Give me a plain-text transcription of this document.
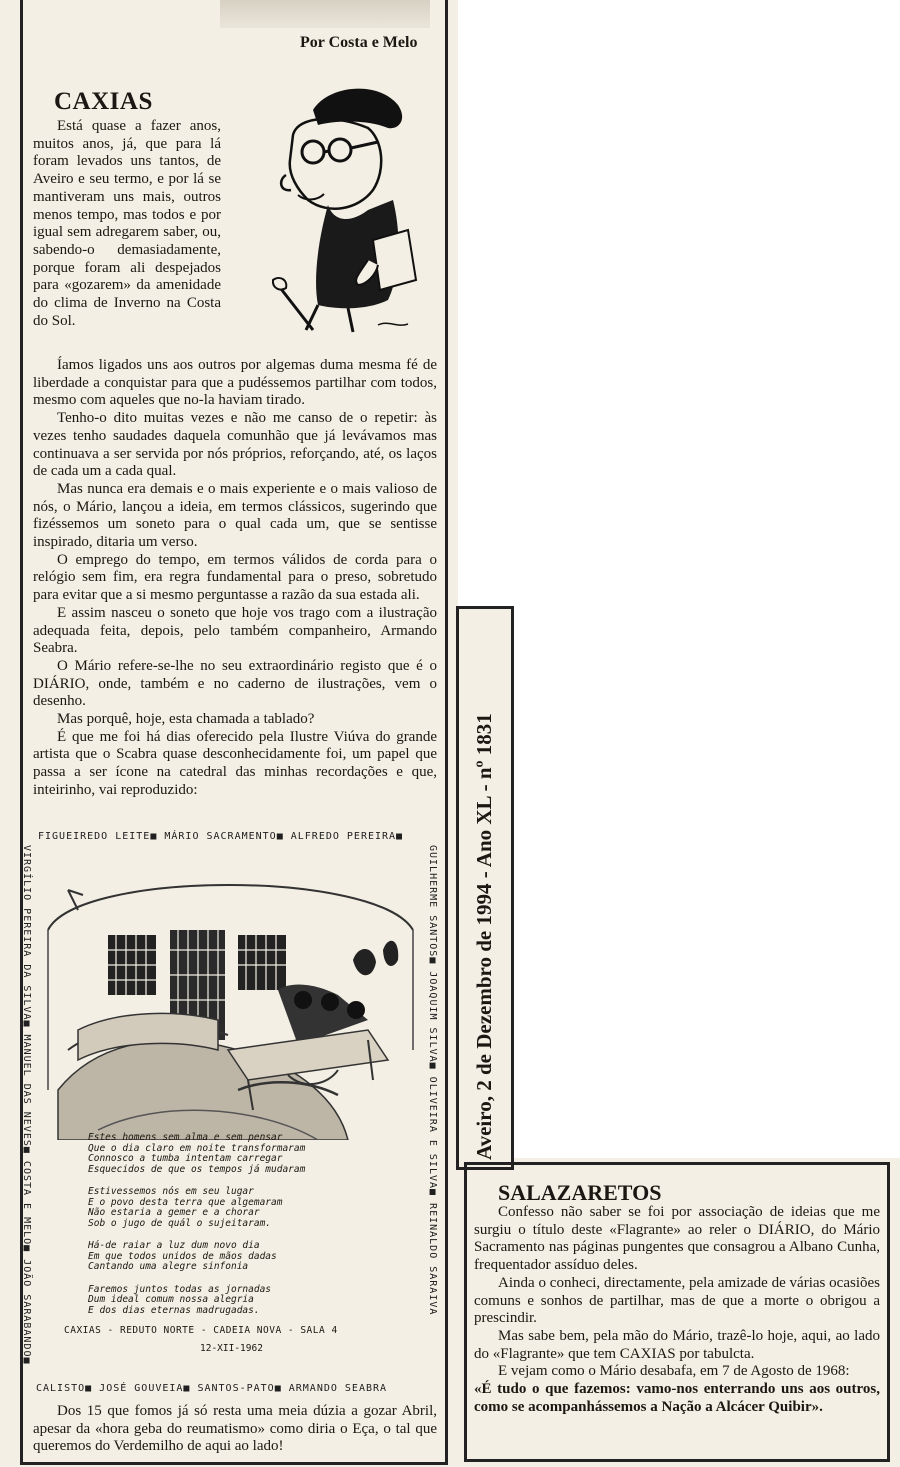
Por Costa e Melo
CAXIAS

Está quase a fazer anos, muitos anos, já, que para lá foram levados uns tantos, de Aveiro e seu termo, e por lá se mantiveram uns mais, outros menos tempo, mas todos e por igual sem adregarem saber, ou, sabendo-o demasiadamente, porque foram ali despejados para «gozarem» da amenidade do clima de Inverno na Costa do Sol.

Íamos ligados uns aos outros por algemas duma mesma fé de liberdade a conquistar para que a pudéssemos partilhar com todos, mesmo com aqueles que no-la haviam tirado.

Tenho-o dito muitas vezes e não me canso de o repetir: às vezes tenho saudades daquela comunhão que já levávamos mas continuava a ser servida por nós próprios, reforçando, até, os laços de cada um a cada qual.

Mas nunca era demais e o mais experiente e o mais valioso de nós, o Mário, lançou a ideia, em termos clássicos, sugerindo que fizéssemos um soneto para o qual cada um, que se sentisse inspirado, ditaria um verso.

O emprego do tempo, em termos válidos de corda para o relógio sem fim, era regra fundamental para o preso, sobretudo para evitar que a si mesmo perguntasse a razão da sua estada ali.

E assim nasceu o soneto que hoje vos trago com a ilustração adequada feita, depois, pelo também companheiro, Armando Seabra.

O Mário refere-se-lhe no seu extraordinário registo que é o DIÁRIO, onde, também e no caderno de ilustrações, vem o desenho.

Mas porquê, hoje, esta chamada a tablado?

É que me foi há dias oferecido pela Ilustre Viúva do grande artista que o Scabra quase desconhecidamente foi, um papel que passa a ser ícone na catedral das minhas recordações e que, inteirinho, vai reproduzido:

FIGUEIREDO LEITE■ MÁRIO SACRAMENTO■ ALFREDO PEREIRA■
VIRGÍLIO PEREIRA DA SILVA■ MANUEL DAS NEVES■ COSTA E MELO■ JOÃO SARABANDO■	GUILHERME SANTOS■ JOAQUIM SILVA■ OLIVEIRA E SILVA■ REINALDO SARAIVA
CALISTO■ JOSÉ GOUVEIA■ SANTOS-PATO■ ARMANDO SEABRA
Estes homens sem alma e sem pensar
Que o dia claro em noite transformaram
Connosco a tumba intentam carregar
Esquecidos de que os tempos já mudaram
Estivessemos nós em seu lugar
E o povo desta terra que algemaram
Não estaria a gemer e a chorar
Sob o jugo de quál o sujeitaram.
Há-de raiar a luz dum novo dia
Em que todos unidos de mãos dadas
Cantando uma alegre sinfonia
Faremos juntos todas as jornadas
Dum ideal comum nossa alegria
E dos dias eternas madrugadas.
CAXIAS - REDUTO NORTE - CADEIA NOVA - SALA 4
12-XII-1962

Dos 15 que fomos já só resta uma meia dúzia a gozar Abril, apesar da «hora geba do reumatismo» como diria o Eça, o tal que queremos do Verdemilho de aqui ao lado!

Aveiro, 2 de Dezembro de 1994 - Ano XL - nº 1831
SALAZARETOS

Confesso não saber se foi por associação de ideias que me surgiu o título deste «Flagrante» ao reler o DIÁRIO, do Mário Sacramento nas páginas pungentes que consagrou a Albano Cunha, frequentador assíduo deles.

Ainda o conheci, directamente, pela amizade de várias ocasiões comuns e sonhos de partilhar, mas de que a morte o obrigou a prescindir.

Mas sabe bem, pela mão do Mário, trazê-lo hoje, aqui, ao lado do «Flagrante» que tem CAXIAS por tabulcta.

E vejam como o Mário desabafa, em 7 de Agosto de 1968:

«É tudo o que fazemos: vamo-nos enterrando uns aos outros, como se acompanhássemos a Nação a Alcácer Quibir».
